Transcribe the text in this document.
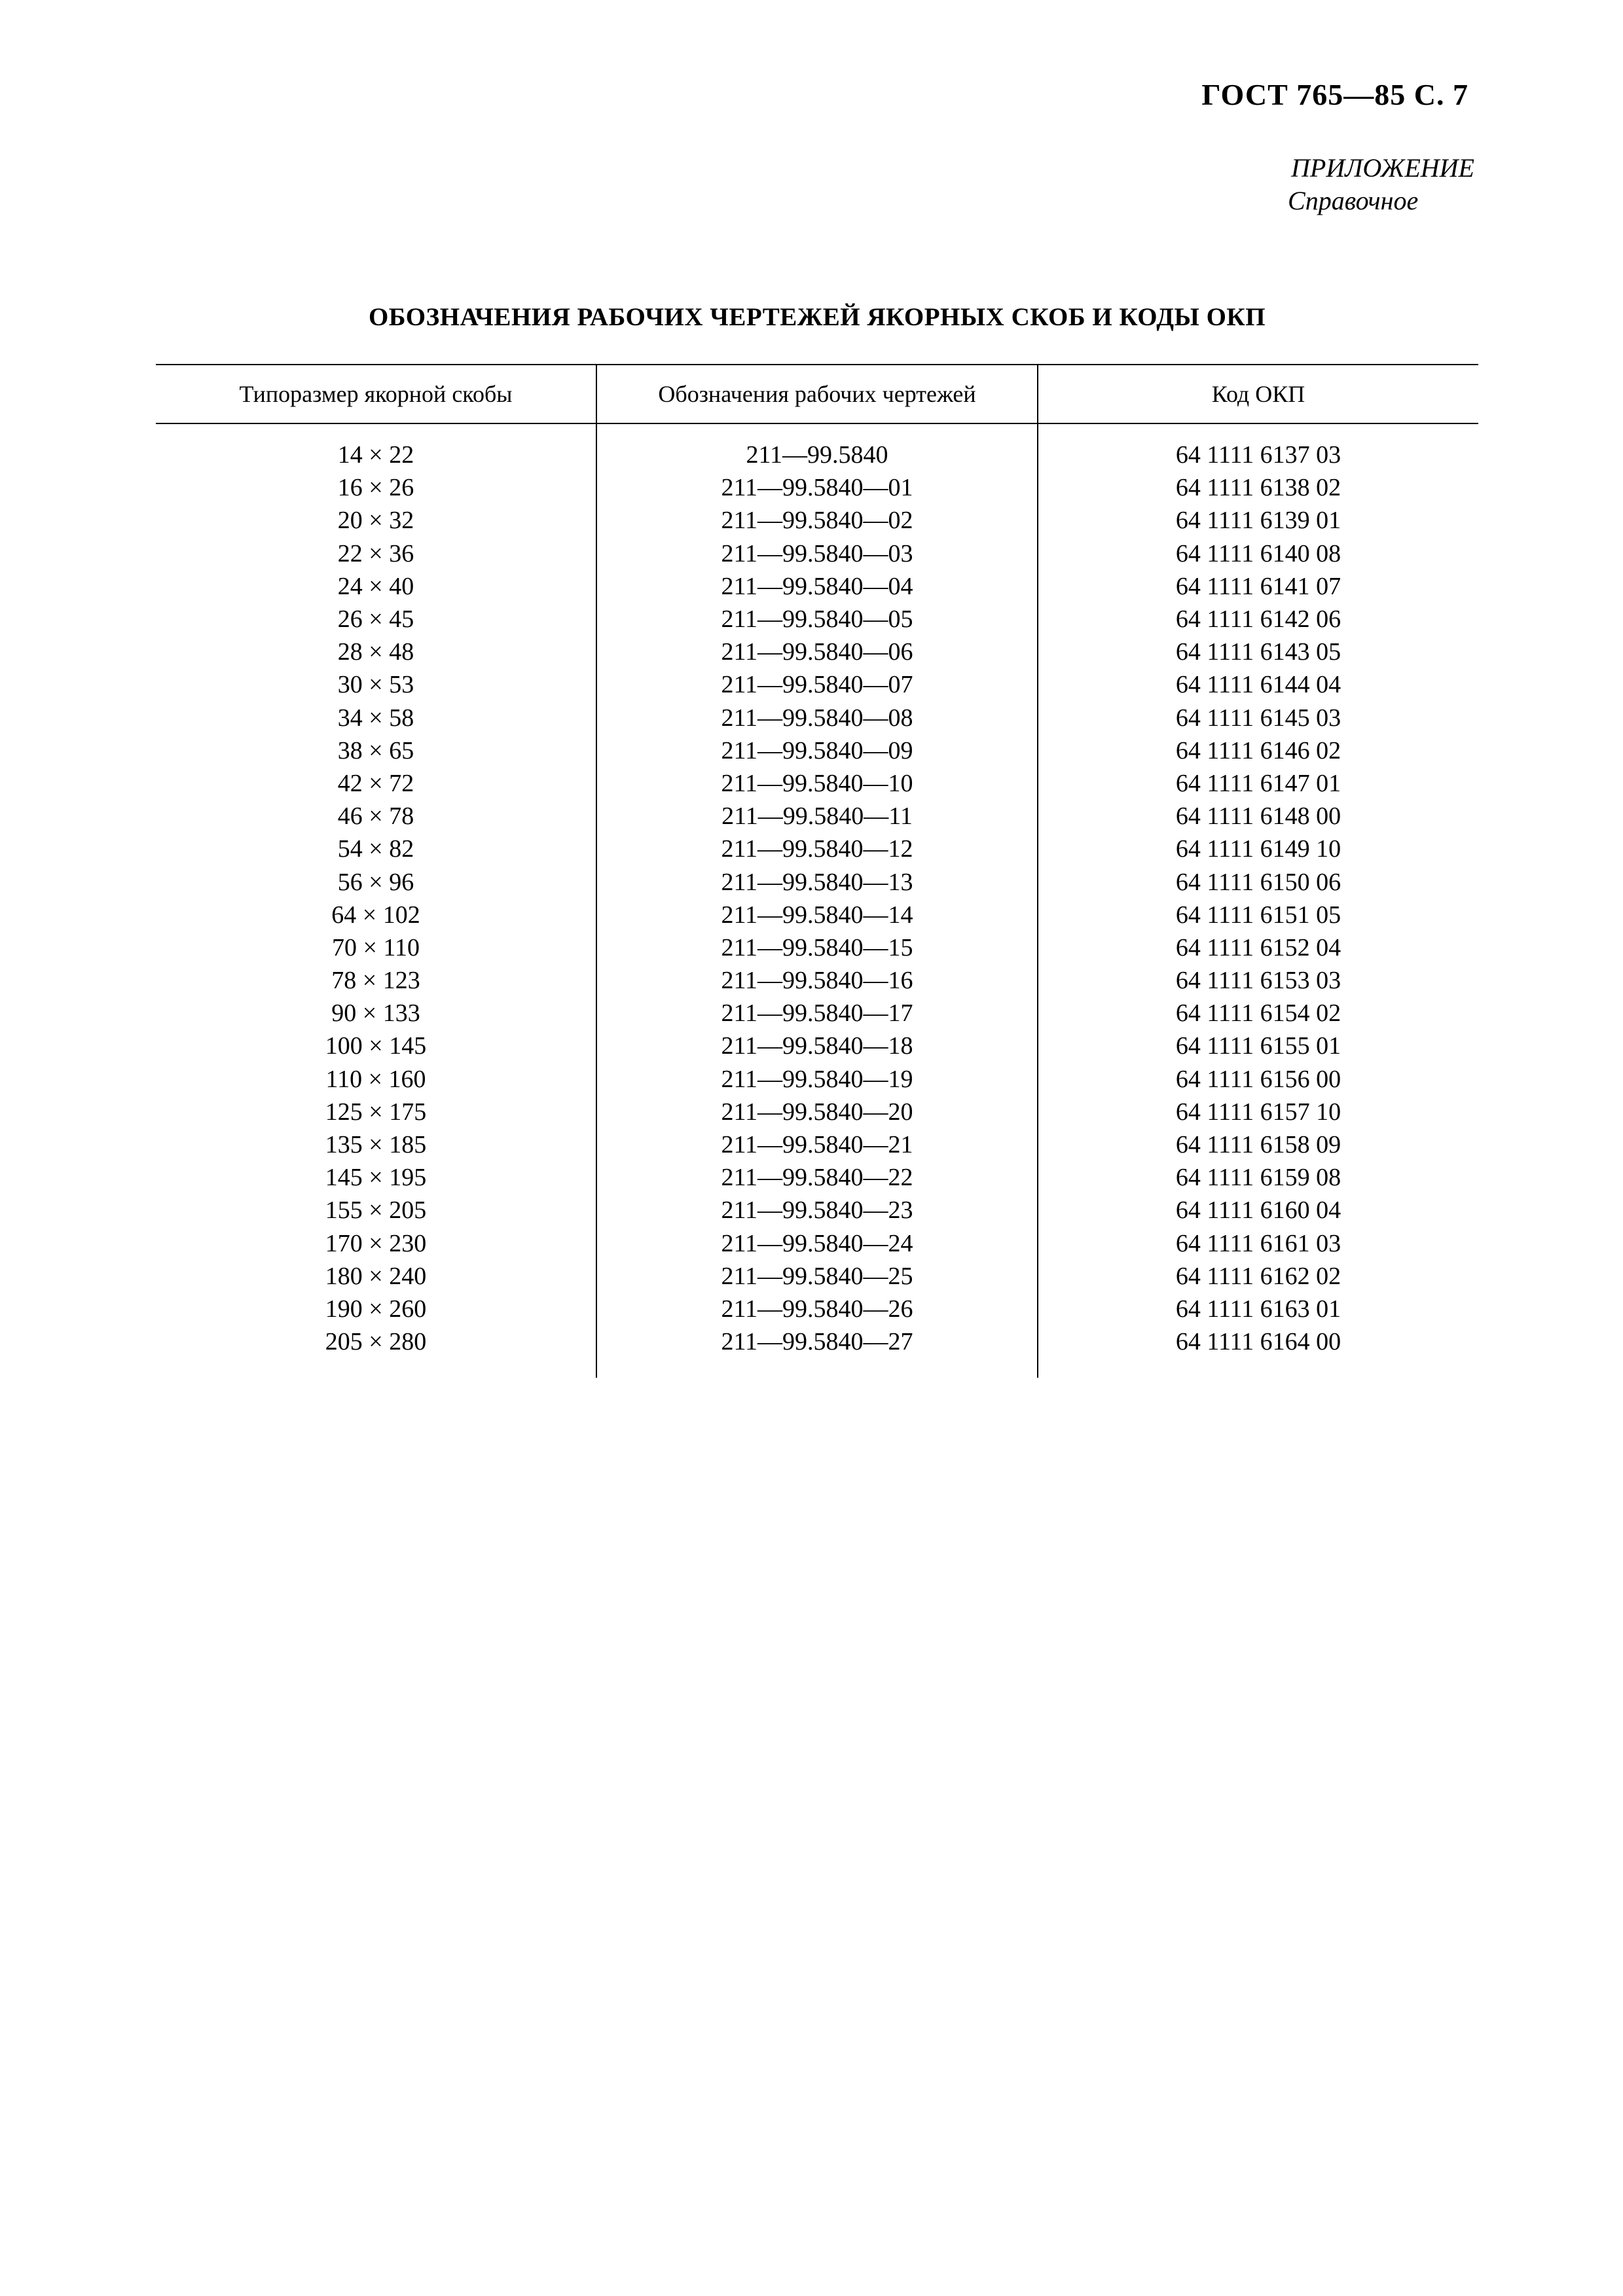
ГОСТ 765—85 С. 7
ПРИЛОЖЕНИЕ
Справочное
ОБОЗНАЧЕНИЯ РАБОЧИХ ЧЕРТЕЖЕЙ ЯКОРНЫХ СКОБ И КОДЫ ОКП
Типоразмер якорной скобы	Обозначения рабочих чертежей	Код ОКП

14 × 22	211—99.5840	64 1111 6137 03
16 × 26	211—99.5840—01	64 1111 6138 02
20 × 32	211—99.5840—02	64 1111 6139 01
22 × 36	211—99.5840—03	64 1111 6140 08
24 × 40	211—99.5840—04	64 1111 6141 07
26 × 45	211—99.5840—05	64 1111 6142 06
28 × 48	211—99.5840—06	64 1111 6143 05
30 × 53	211—99.5840—07	64 1111 6144 04
34 × 58	211—99.5840—08	64 1111 6145 03
38 × 65	211—99.5840—09	64 1111 6146 02
42 × 72	211—99.5840—10	64 1111 6147 01
46 × 78	211—99.5840—11	64 1111 6148 00
54 × 82	211—99.5840—12	64 1111 6149 10
56 × 96	211—99.5840—13	64 1111 6150 06
64 × 102	211—99.5840—14	64 1111 6151 05
70 × 110	211—99.5840—15	64 1111 6152 04
78 × 123	211—99.5840—16	64 1111 6153 03
90 × 133	211—99.5840—17	64 1111 6154 02
100 × 145	211—99.5840—18	64 1111 6155 01
110 × 160	211—99.5840—19	64 1111 6156 00
125 × 175	211—99.5840—20	64 1111 6157 10
135 × 185	211—99.5840—21	64 1111 6158 09
145 × 195	211—99.5840—22	64 1111 6159 08
155 × 205	211—99.5840—23	64 1111 6160 04
170 × 230	211—99.5840—24	64 1111 6161 03
180 × 240	211—99.5840—25	64 1111 6162 02
190 × 260	211—99.5840—26	64 1111 6163 01
205 × 280	211—99.5840—27	64 1111 6164 00
